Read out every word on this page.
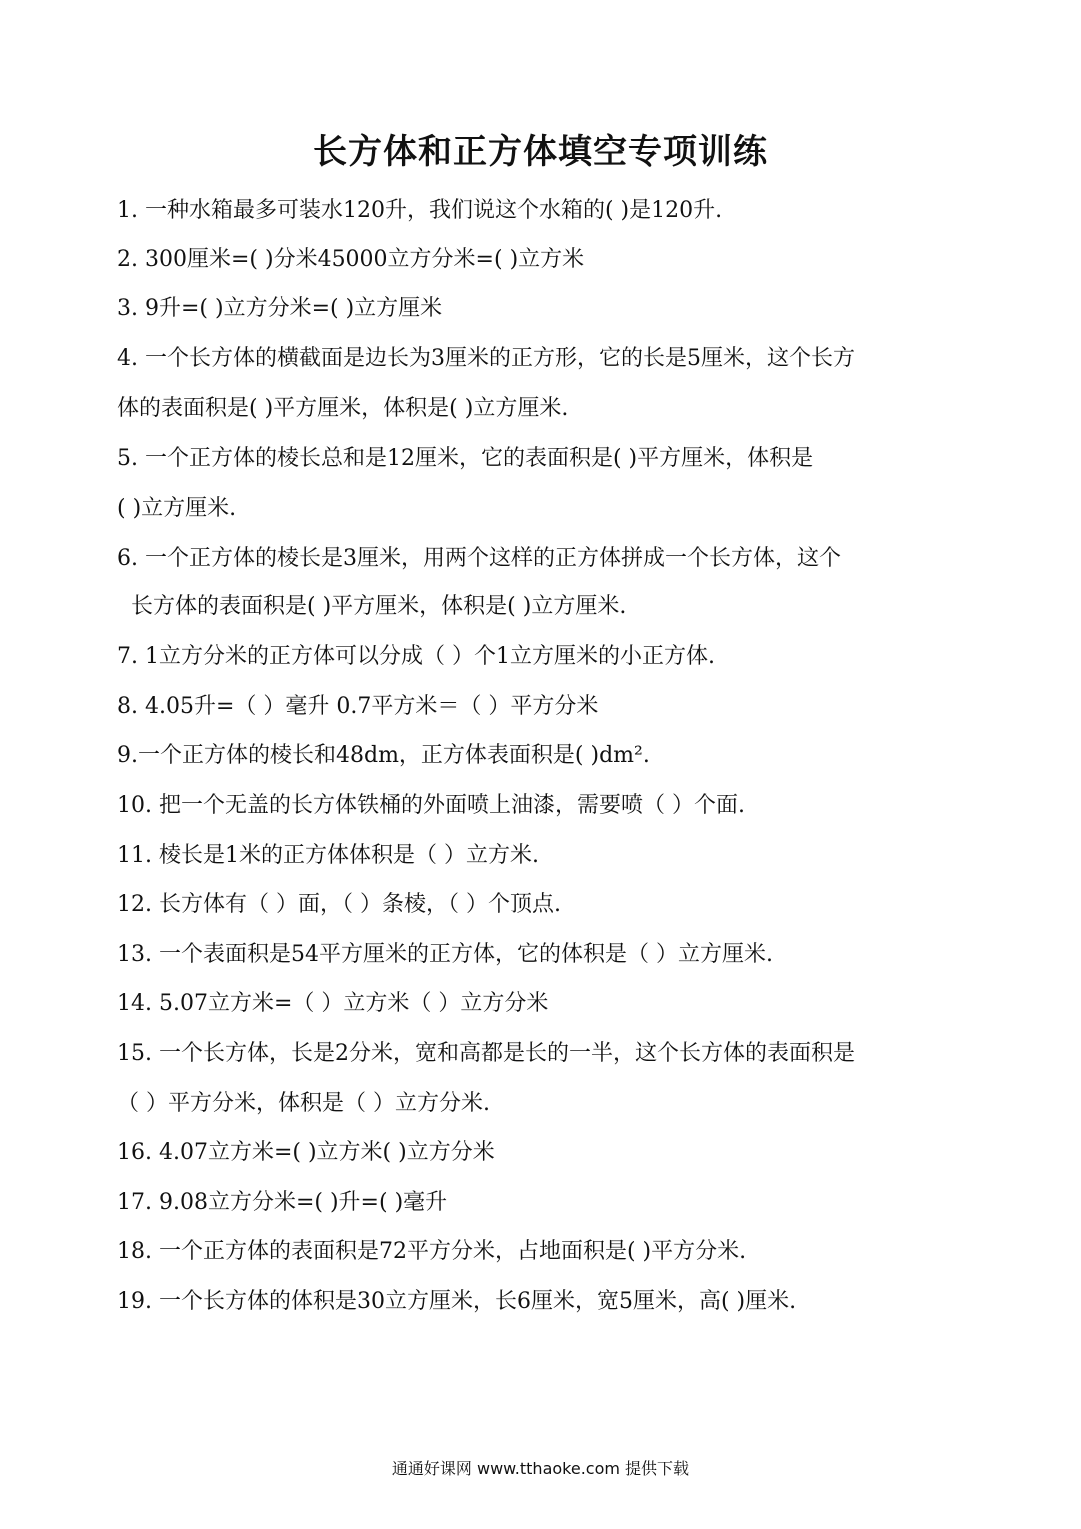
长方体和正方体填空专项训练
1. 一种水箱最多可装水120升，我们说这个水箱的( )是120升.
2. 300厘米=( )分米45000立方分米=( )立方米
3. 9升=( )立方分米=( )立方厘米
4. 一个长方体的横截面是边长为3厘米的正方形，它的长是5厘米，这个长方
体的表面积是( )平方厘米，体积是( )立方厘米.
5. 一个正方体的棱长总和是12厘米，它的表面积是( )平方厘米，体积是
( )立方厘米.
6. 一个正方体的棱长是3厘米，用两个这样的正方体拼成一个长方体，这个
长方体的表面积是( )平方厘米，体积是( )立方厘米.
7. 1立方分米的正方体可以分成（ ）个1立方厘米的小正方体.
8. 4.05升=（ ）毫升 0.7平方米＝（ ）平方分米
9.一个正方体的棱长和48dm，正方体表面积是( )dm².
10. 把一个无盖的长方体铁桶的外面喷上油漆，需要喷（ ）个面.
11. 棱长是1米的正方体体积是（ ）立方米.
12. 长方体有（ ）面，（ ）条棱，（ ）个顶点.
13. 一个表面积是54平方厘米的正方体，它的体积是（ ）立方厘米.
14. 5.07立方米=（ ）立方米（ ）立方分米
15. 一个长方体，长是2分米，宽和高都是长的一半，这个长方体的表面积是
（ ）平方分米，体积是（ ）立方分米.
16. 4.07立方米=( )立方米( )立方分米
17. 9.08立方分米=( )升=( )毫升
18. 一个正方体的表面积是72平方分米，占地面积是( )平方分米.
19. 一个长方体的体积是30立方厘米，长6厘米，宽5厘米，高( )厘米.
通通好课网 www.tthaoke.com 提供下载
